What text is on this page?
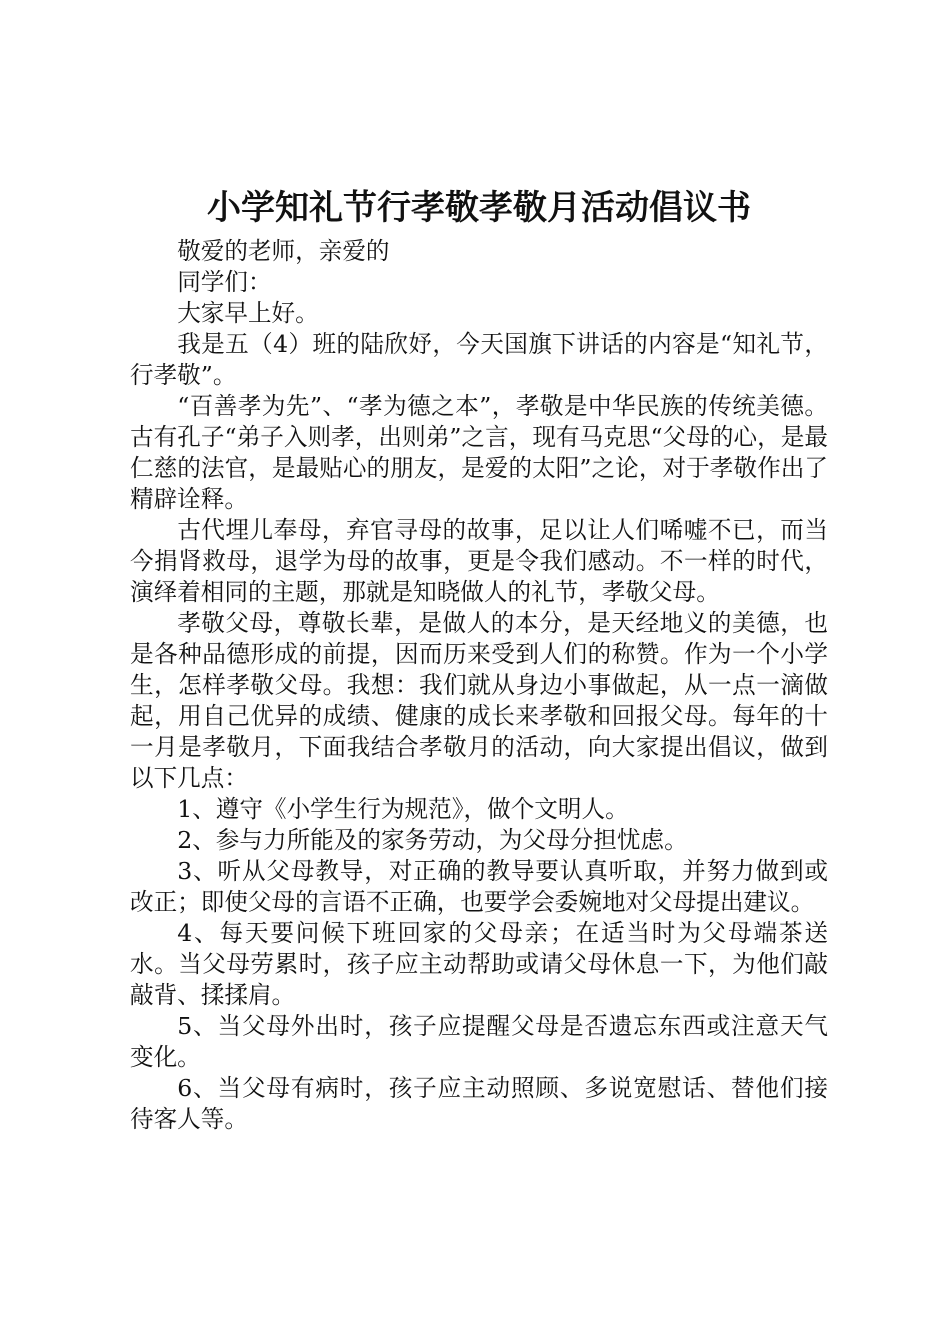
小学知礼节行孝敬孝敬月活动倡议书

敬爱的老师，亲爱的

同学们：

大家早上好。

我是五（4）班的陆欣妤，今天国旗下讲话的内容是“知礼节，行孝敬”。

“百善孝为先”、“孝为德之本”，孝敬是中华民族的传统美德。古有孔子“弟子入则孝，出则弟”之言，现有马克思“父母的心，是最仁慈的法官，是最贴心的朋友，是爱的太阳”之论，对于孝敬作出了精辟诠释。

古代埋儿奉母，弃官寻母的故事，足以让人们唏嘘不已，而当今捐肾救母，退学为母的故事，更是令我们感动。不一样的时代，演绎着相同的主题，那就是知晓做人的礼节，孝敬父母。

孝敬父母，尊敬长辈，是做人的本分，是天经地义的美德，也是各种品德形成的前提，因而历来受到人们的称赞。作为一个小学生，怎样孝敬父母。我想：我们就从身边小事做起，从一点一滴做起，用自己优异的成绩、健康的成长来孝敬和回报父母。每年的十一月是孝敬月，下面我结合孝敬月的活动，向大家提出倡议，做到以下几点：

1、遵守《小学生行为规范》，做个文明人。

2、参与力所能及的家务劳动，为父母分担忧虑。

3、听从父母教导，对正确的教导要认真听取，并努力做到或改正；即使父母的言语不正确，也要学会委婉地对父母提出建议。

4、每天要问候下班回家的父母亲；在适当时为父母端茶送水。当父母劳累时，孩子应主动帮助或请父母休息一下，为他们敲敲背、揉揉肩。

5、当父母外出时，孩子应提醒父母是否遗忘东西或注意天气变化。

6、当父母有病时，孩子应主动照顾、多说宽慰话、替他们接待客人等。
